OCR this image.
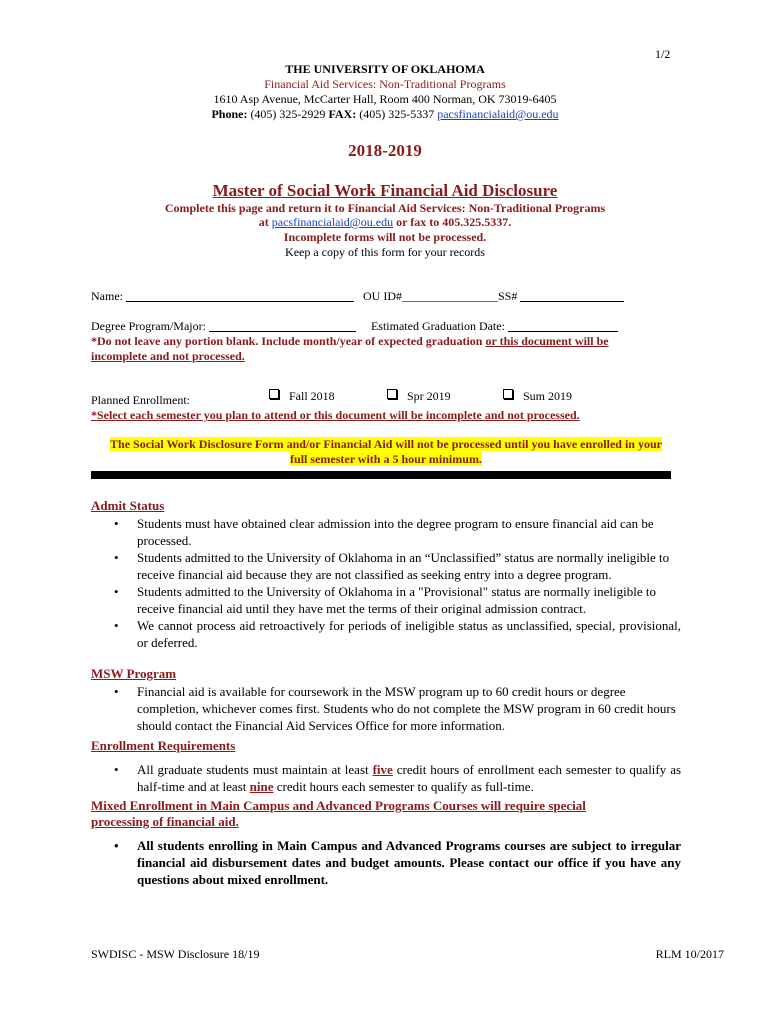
1/2
THE UNIVERSITY OF OKLAHOMA
Financial Aid Services: Non-Traditional Programs
1610 Asp Avenue, McCarter Hall, Room 400 Norman, OK 73019-6405
Phone: (405) 325-2929 FAX: (405) 325-5337 pacsfinancialaid@ou.edu
2018-2019
Master of Social Work Financial Aid Disclosure
Complete this page and return it to Financial Aid Services: Non-Traditional Programs
at pacsfinancialaid@ou.edu or fax to 405.325.5337.
Incomplete forms will not be processed.
Keep a copy of this form for your records
Name:	OU ID#________________SS#
Degree Program/Major:	Estimated Graduation Date:
*Do not leave any portion blank. Include month/year of expected graduation or this document will be
incomplete and not processed.
Planned Enrollment:	Fall 2018	Spr 2019	Sum 2019
*Select each semester you plan to attend or this document will be incomplete and not processed.
The Social Work Disclosure Form and/or Financial Aid will not be processed until you have enrolled in your
full semester with a 5 hour minimum.
Admit Status
• Students must have obtained clear admission into the degree program to ensure financial aid can be processed.
• Students admitted to the University of Oklahoma in an “Unclassified” status are normally ineligible to receive financial aid because they are not classified as seeking entry into a degree program.
• Students admitted to the University of Oklahoma in a "Provisional" status are normally ineligible to receive financial aid until they have met the terms of their original admission contract.
• We cannot process aid retroactively for periods of ineligible status as unclassified, special, provisional, or deferred.
MSW Program
• Financial aid is available for coursework in the MSW program up to 60 credit hours or degree completion, whichever comes first. Students who do not complete the MSW program in 60 credit hours should contact the Financial Aid Services Office for more information.
Enrollment Requirements
• All graduate students must maintain at least five credit hours of enrollment each semester to qualify as half-time and at least nine credit hours each semester to qualify as full-time.
Mixed Enrollment in Main Campus and Advanced Programs Courses will require special
processing of financial aid.
• All students enrolling in Main Campus and Advanced Programs courses are subject to irregular financial aid disbursement dates and budget amounts. Please contact our office if you have any questions about mixed enrollment.
SWDISC - MSW Disclosure 18/19	RLM 10/2017
